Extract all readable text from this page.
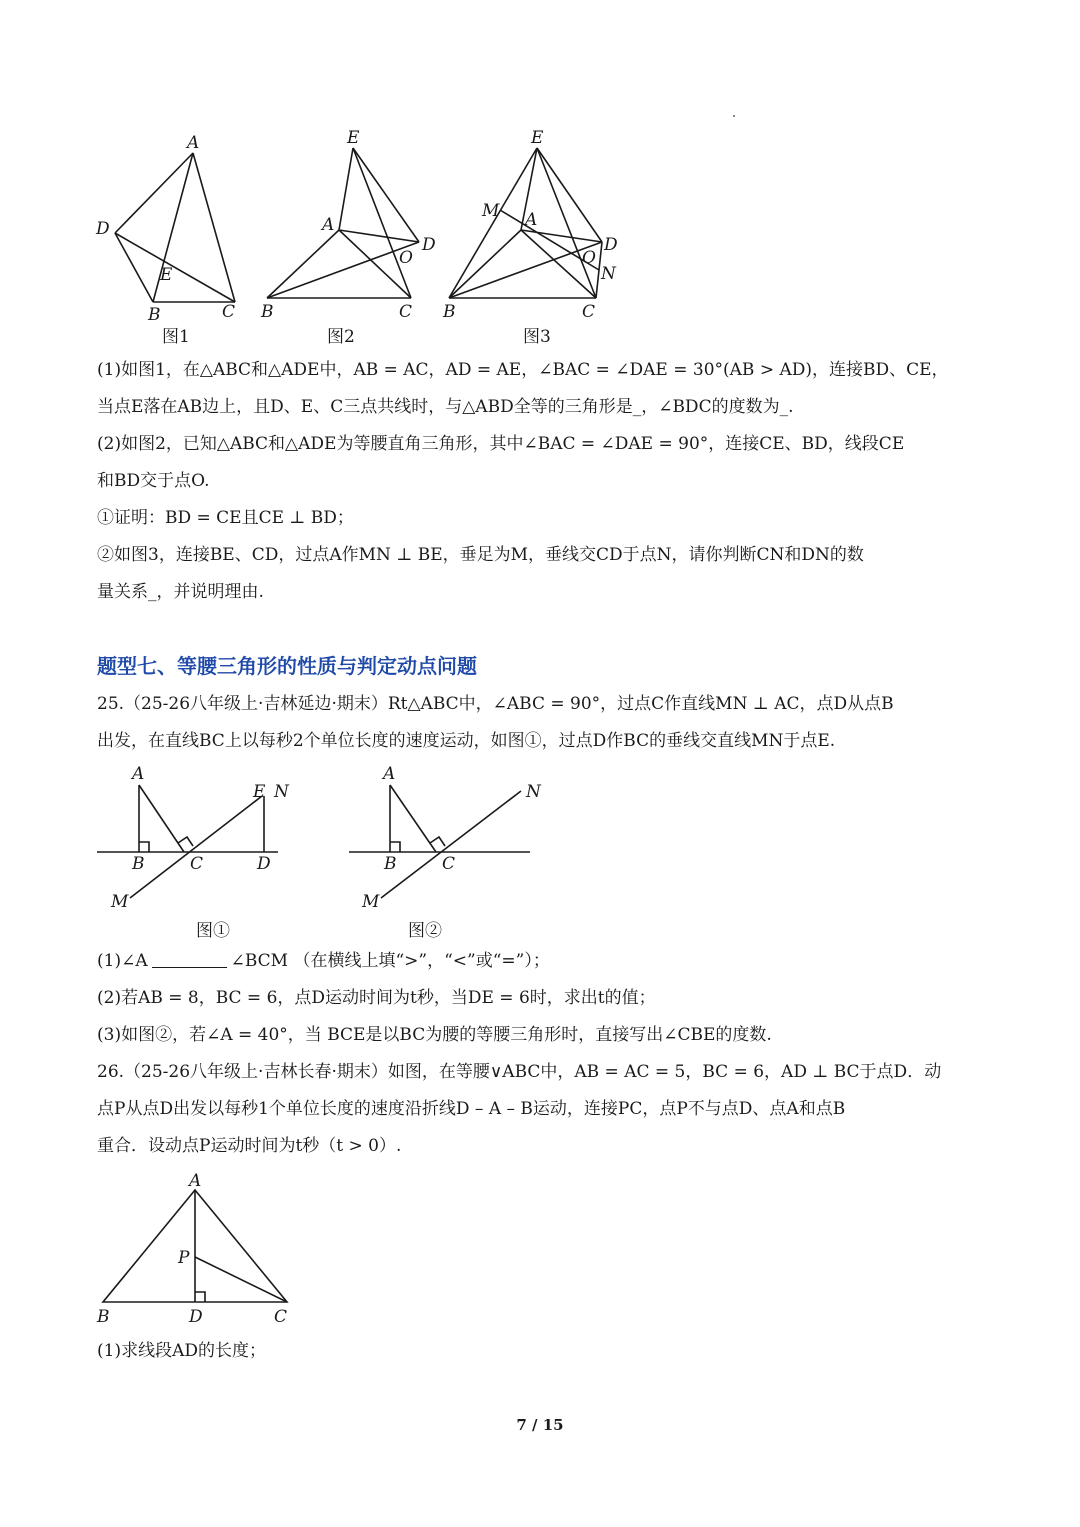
A
D
E
B	C
图1
E
A
D
O
B	C
图2
E
M A
D
O
N
B	C
图3
(1)如图1，在△ABC和△ADE中，AB = AC，AD = AE，∠BAC = ∠DAE = 30°(AB > AD)，连接BD、CE，
当点E落在AB边上，且D、E、C三点共线时，与△ABD全等的三角形是_，∠BDC的度数为_.
(2)如图2，已知△ABC和△ADE为等腰直角三角形，其中∠BAC = ∠DAE = 90°，连接CE、BD，线段CE
和BD交于点O.
①证明：BD = CE且CE ⊥ BD；
②如图3，连接BE、CD，过点A作MN ⊥ BE，垂足为M，垂线交CD于点N，请你判断CN和DN的数
量关系_，并说明理由.
题型七、等腰三角形的性质与判定动点问题
25.（25-26八年级上·吉林延边·期末）Rt△ABC中，∠ABC = 90°，过点C作直线MN ⊥ AC，点D从点B
出发，在直线BC上以每秒2个单位长度的速度运动，如图①，过点D作BC的垂线交直线MN于点E.
A
E N
B	C	D
M
图①
A
N
B	C
M
图②
(1)∠A	∠BCM （在横线上填“>”，“<”或“=”）；
(2)若AB = 8，BC = 6，点D运动时间为t秒，当DE = 6时，求出t的值；
(3)如图②，若∠A = 40°，当 BCE是以BC为腰的等腰三角形时，直接写出∠CBE的度数.
26.（25-26八年级上·吉林长春·期末）如图，在等腰∨ABC中，AB = AC = 5，BC = 6，AD ⊥ BC于点D．动
点P从点D出发以每秒1个单位长度的速度沿折线D – A – B运动，连接PC，点P不与点D、点A和点B
重合．设动点P运动时间为t秒（t > 0）.
A
P
B	D	C
(1)求线段AD的长度；
7 / 15
